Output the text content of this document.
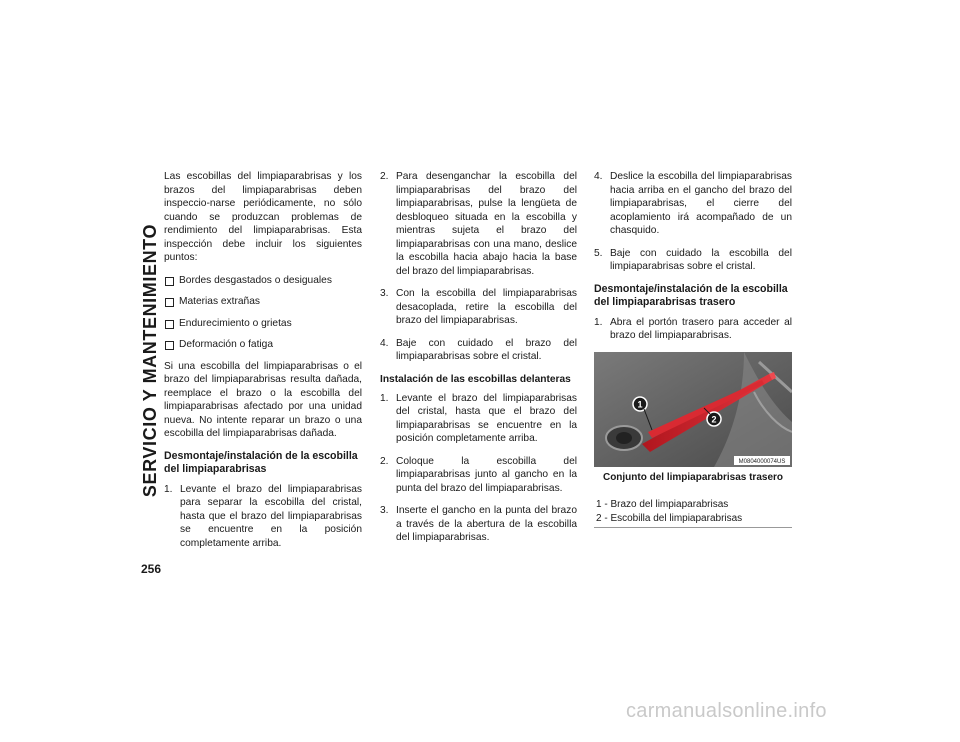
SERVICIO Y MANTENIMIENTO
256

Las escobillas del limpiaparabrisas y los brazos del limpiaparabrisas deben inspeccio-narse periódicamente, no sólo cuando se produzcan problemas de rendimiento del limpiaparabrisas. Esta inspección debe incluir los siguientes puntos:

Bordes desgastados o desiguales
Materias extrañas
Endurecimiento o grietas
Deformación o fatiga

Si una escobilla del limpiaparabrisas o el brazo del limpiaparabrisas resulta dañada, reemplace el brazo o la escobilla del limpiaparabrisas afectado por una unidad nueva. No intente reparar un brazo o una escobilla del limpiaparabrisas dañada.

Desmontaje/instalación de la escobilla del limpiaparabrisas
1. Levante el brazo del limpiaparabrisas para separar la escobilla del cristal, hasta que el brazo del limpiaparabrisas se encuentre en la posición completamente arriba.
2. Para desenganchar la escobilla del limpiaparabrisas del brazo del limpiaparabrisas, pulse la lengüeta de desbloqueo situada en la escobilla y mientras sujeta el brazo del limpiaparabrisas con una mano, deslice la escobilla hacia abajo hacia la base del brazo del limpiaparabrisas.
3. Con la escobilla del limpiaparabrisas desacoplada, retire la escobilla del brazo del limpiaparabrisas.
4. Baje con cuidado el brazo del limpiaparabrisas sobre el cristal.
Instalación de las escobillas delanteras
1. Levante el brazo del limpiaparabrisas del cristal, hasta que el brazo del limpiaparabrisas se encuentre en la posición completamente arriba.
2. Coloque la escobilla del limpiaparabrisas junto al gancho en la punta del brazo del limpiaparabrisas.
3. Inserte el gancho en la punta del brazo a través de la abertura de la escobilla del limpiaparabrisas.
4. Deslice la escobilla del limpiaparabrisas hacia arriba en el gancho del brazo del limpiaparabrisas, el cierre del acoplamiento irá acompañado de un chasquido.
5. Baje con cuidado la escobilla del limpiaparabrisas sobre el cristal.
Desmontaje/instalación de la escobilla del limpiaparabrisas trasero
1. Abra el portón trasero para acceder al brazo del limpiaparabrisas.
1
2
M0804000074US
Conjunto del limpiaparabrisas trasero
1 - Brazo del limpiaparabrisas
2 - Escobilla del limpiaparabrisas
carmanualsonline.info
